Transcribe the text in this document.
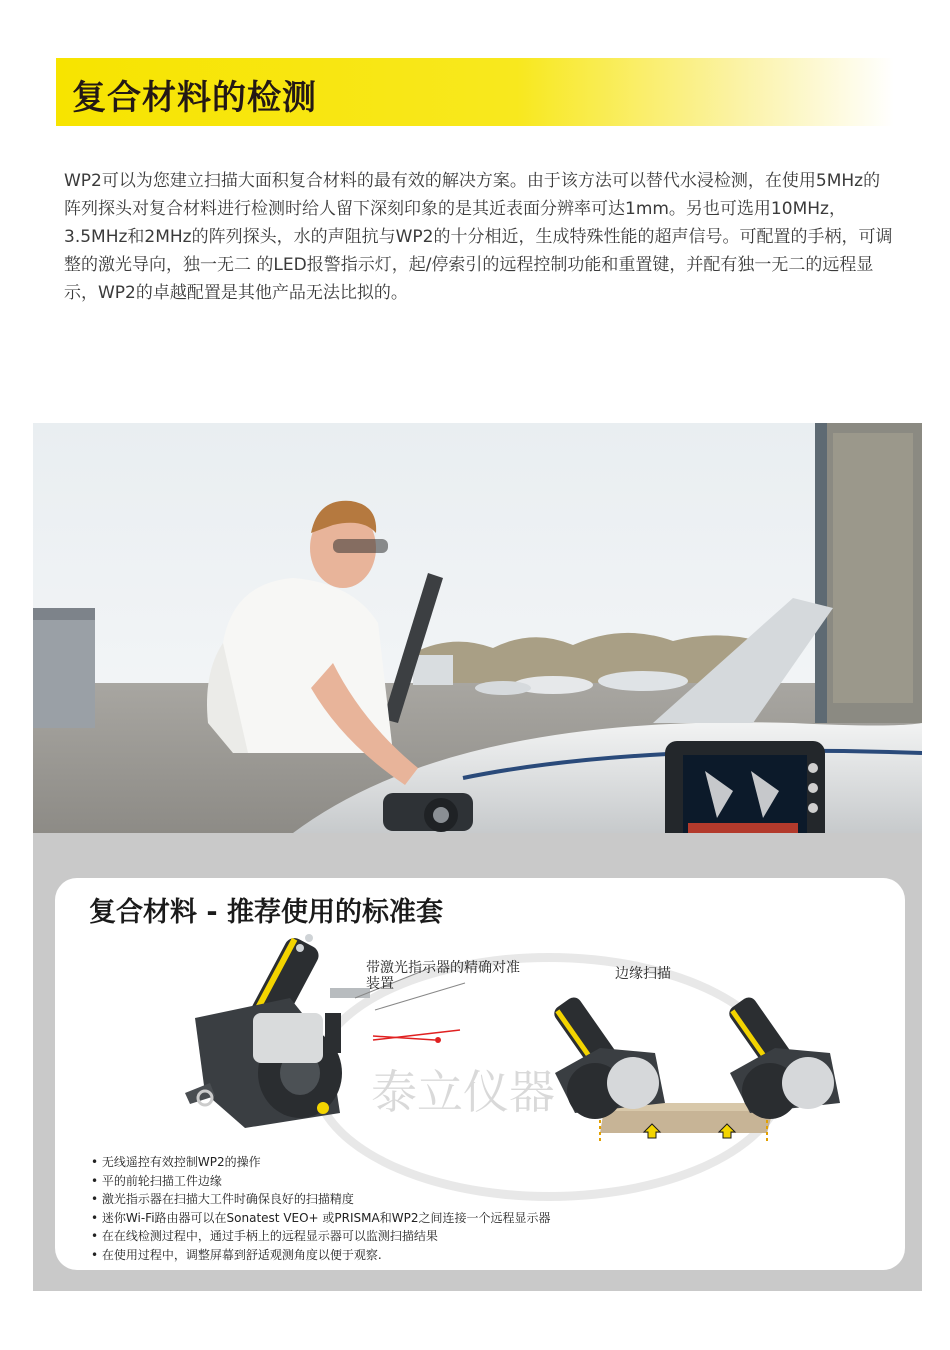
复合材料的检测

WP2可以为您建立扫描大面积复合材料的最有效的解决方案。由于该方法可以替代水浸检测，在使用5MHz的阵列探头对复合材料进行检测时给人留下深刻印象的是其近表面分辨率可达1mm。另也可选用10MHz，3.5MHz和2MHz的阵列探头，水的声阻抗与WP2的十分相近，生成特殊性能的超声信号。可配置的手柄，可调整的激光导向，独一无二 的LED报警指示灯，起/停索引的远程控制功能和重置键，并配有独一无二的远程显示，WP2的卓越配置是其他产品无法比拟的。

泰立仪器
复合材料 - 推荐使用的标准套
带激光指示器的精确对准装置
边缘扫描
• 无线遥控有效控制WP2的操作
• 平的前轮扫描工件边缘
• 激光指示器在扫描大工件时确保良好的扫描精度
• 迷你Wi-Fi路由器可以在Sonatest VEO+ 或PRISMA和WP2之间连接一个远程显示器
• 在在线检测过程中，通过手柄上的远程显示器可以监测扫描结果
• 在使用过程中，调整屏幕到舒适观测角度以便于观察.
